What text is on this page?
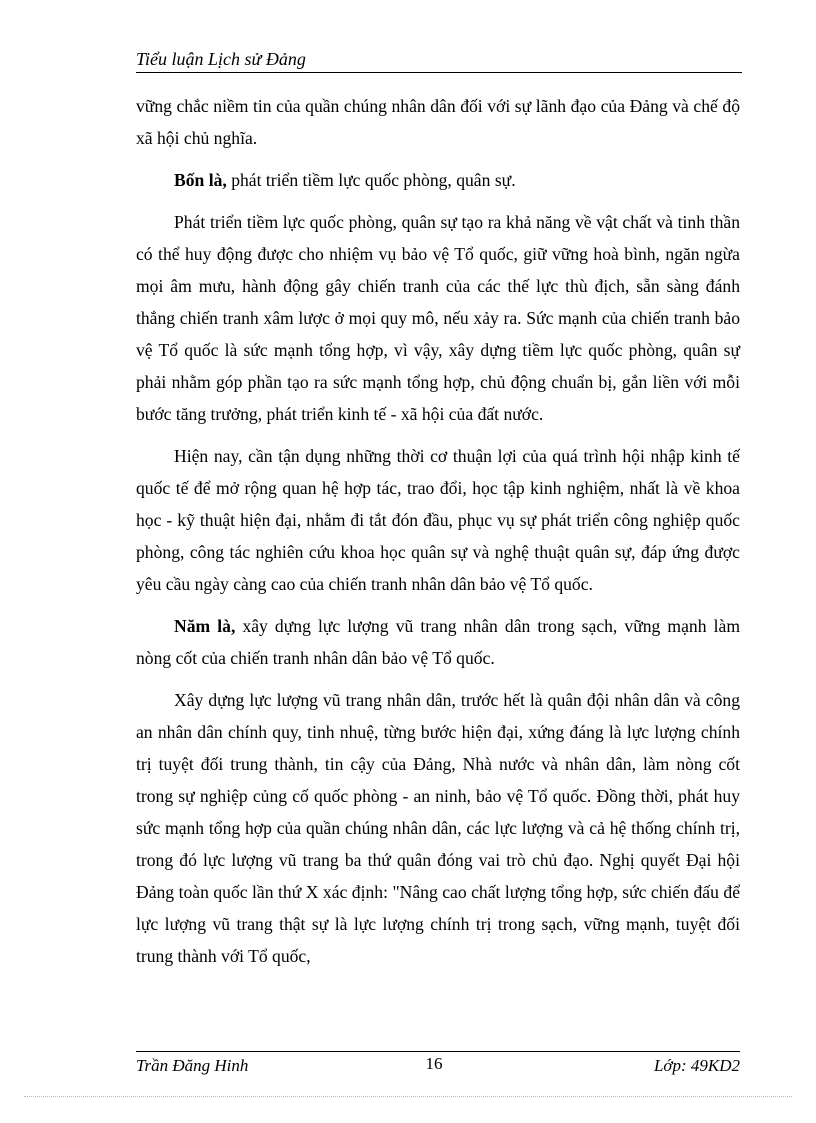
Tiểu luận Lịch sử Đảng

vững chắc niềm tin của quần chúng nhân dân đối với sự lãnh đạo của Đảng và chế độ xã hội chủ nghĩa.

Bốn là, phát triển tiềm lực quốc phòng, quân sự.

Phát triển tiềm lực quốc phòng, quân sự tạo ra khả năng về vật chất và tinh thần có thể huy động được cho nhiệm vụ bảo vệ Tổ quốc, giữ vững hoà bình, ngăn ngừa mọi âm mưu, hành động gây chiến tranh của các thế lực thù địch, sẵn sàng đánh thắng chiến tranh xâm lược ở mọi quy mô, nếu xảy ra. Sức mạnh của chiến tranh bảo vệ Tổ quốc là sức mạnh tổng hợp, vì vậy, xây dựng tiềm lực quốc phòng, quân sự phải nhằm góp phần tạo ra sức mạnh tổng hợp, chủ động chuẩn bị, gắn liền với mỗi bước tăng trưởng, phát triển kinh tế - xã hội của đất nước.

Hiện nay, cần tận dụng những thời cơ thuận lợi của quá trình hội nhập kinh tế quốc tế để mở rộng quan hệ hợp tác, trao đổi, học tập kinh nghiệm, nhất là về khoa học - kỹ thuật hiện đại, nhằm đi tắt đón đầu, phục vụ sự phát triển công nghiệp quốc phòng, công tác nghiên cứu khoa học quân sự và nghệ thuật quân sự, đáp ứng được yêu cầu ngày càng cao của chiến tranh nhân dân bảo vệ Tổ quốc.

Năm là, xây dựng lực lượng vũ trang nhân dân trong sạch, vững mạnh làm nòng cốt của chiến tranh nhân dân bảo vệ Tổ quốc.

Xây dựng lực lượng vũ trang nhân dân, trước hết là quân đội nhân dân và công an nhân dân chính quy, tinh nhuệ, từng bước hiện đại, xứng đáng là lực lượng chính trị tuyệt đối trung thành, tin cậy của Đảng, Nhà nước và nhân dân, làm nòng cốt trong sự nghiệp củng cố quốc phòng - an ninh, bảo vệ Tổ quốc. Đồng thời, phát huy sức mạnh tổng hợp của quần chúng nhân dân, các lực lượng và cả hệ thống chính trị, trong đó lực lượng vũ trang ba thứ quân đóng vai trò chủ đạo. Nghị quyết Đại hội Đảng toàn quốc lần thứ X xác định: "Nâng cao chất lượng tổng hợp, sức chiến đấu để lực lượng vũ trang thật sự là lực lượng chính trị trong sạch, vững mạnh, tuyệt đối trung thành với Tổ quốc,

Trần Đăng Hinh	16	Lớp: 49KD2
